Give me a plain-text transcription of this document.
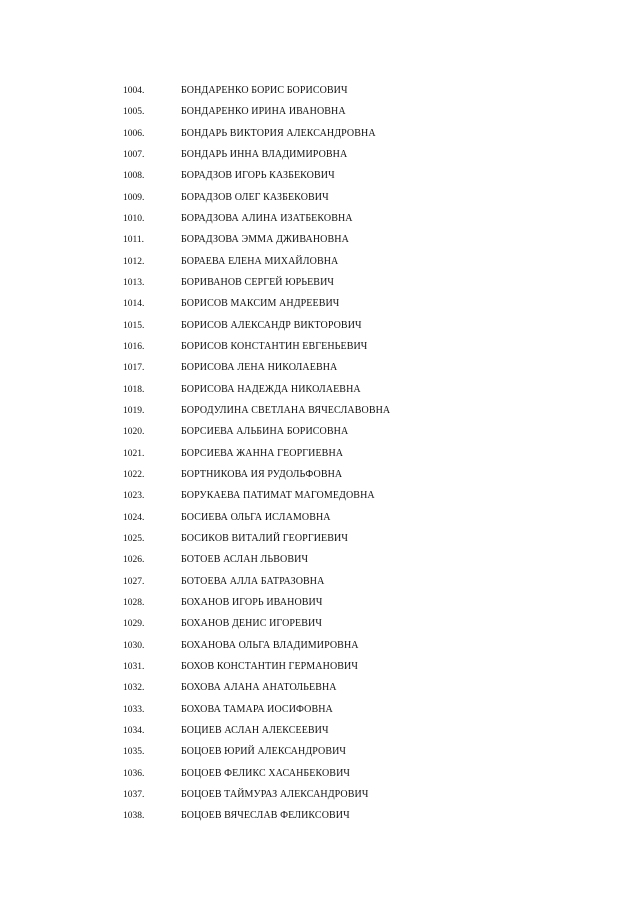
1004.	БОНДАРЕНКО БОРИС БОРИСОВИЧ
1005.	БОНДАРЕНКО ИРИНА ИВАНОВНА
1006.	БОНДАРЬ ВИКТОРИЯ АЛЕКСАНДРОВНА
1007.	БОНДАРЬ ИННА ВЛАДИМИРОВНА
1008.	БОРАДЗОВ ИГОРЬ КАЗБЕКОВИЧ
1009.	БОРАДЗОВ ОЛЕГ КАЗБЕКОВИЧ
1010.	БОРАДЗОВА АЛИНА ИЗАТБЕКОВНА
1011.	БОРАДЗОВА ЭММА ДЖИВАНОВНА
1012.	БОРАЕВА ЕЛЕНА МИХАЙЛОВНА
1013.	БОРИВАНОВ СЕРГЕЙ ЮРЬЕВИЧ
1014.	БОРИСОВ МАКСИМ АНДРЕЕВИЧ
1015.	БОРИСОВ АЛЕКСАНДР ВИКТОРОВИЧ
1016.	БОРИСОВ КОНСТАНТИН ЕВГЕНЬЕВИЧ
1017.	БОРИСОВА ЛЕНА НИКОЛАЕВНА
1018.	БОРИСОВА НАДЕЖДА НИКОЛАЕВНА
1019.	БОРОДУЛИНА СВЕТЛАНА ВЯЧЕСЛАВОВНА
1020.	БОРСИЕВА АЛЬБИНА БОРИСОВНА
1021.	БОРСИЕВА ЖАННА ГЕОРГИЕВНА
1022.	БОРТНИКОВА ИЯ РУДОЛЬФОВНА
1023.	БОРУКАЕВА ПАТИМАТ МАГОМЕДОВНА
1024.	БОСИЕВА ОЛЬГА ИСЛАМОВНА
1025.	БОСИКОВ ВИТАЛИЙ ГЕОРГИЕВИЧ
1026.	БОТОЕВ АСЛАН ЛЬВОВИЧ
1027.	БОТОЕВА АЛЛА БАТРАЗОВНА
1028.	БОХАНОВ ИГОРЬ ИВАНОВИЧ
1029.	БОХАНОВ ДЕНИС ИГОРЕВИЧ
1030.	БОХАНОВА ОЛЬГА ВЛАДИМИРОВНА
1031.	БОХОВ КОНСТАНТИН ГЕРМАНОВИЧ
1032.	БОХОВА АЛАНА АНАТОЛЬЕВНА
1033.	БОХОВА ТАМАРА ИОСИФОВНА
1034.	БОЦИЕВ АСЛАН АЛЕКСЕЕВИЧ
1035.	БОЦОЕВ ЮРИЙ АЛЕКСАНДРОВИЧ
1036.	БОЦОЕВ ФЕЛИКС ХАСАНБЕКОВИЧ
1037.	БОЦОЕВ ТАЙМУРАЗ АЛЕКСАНДРОВИЧ
1038.	БОЦОЕВ ВЯЧЕСЛАВ ФЕЛИКСОВИЧ
